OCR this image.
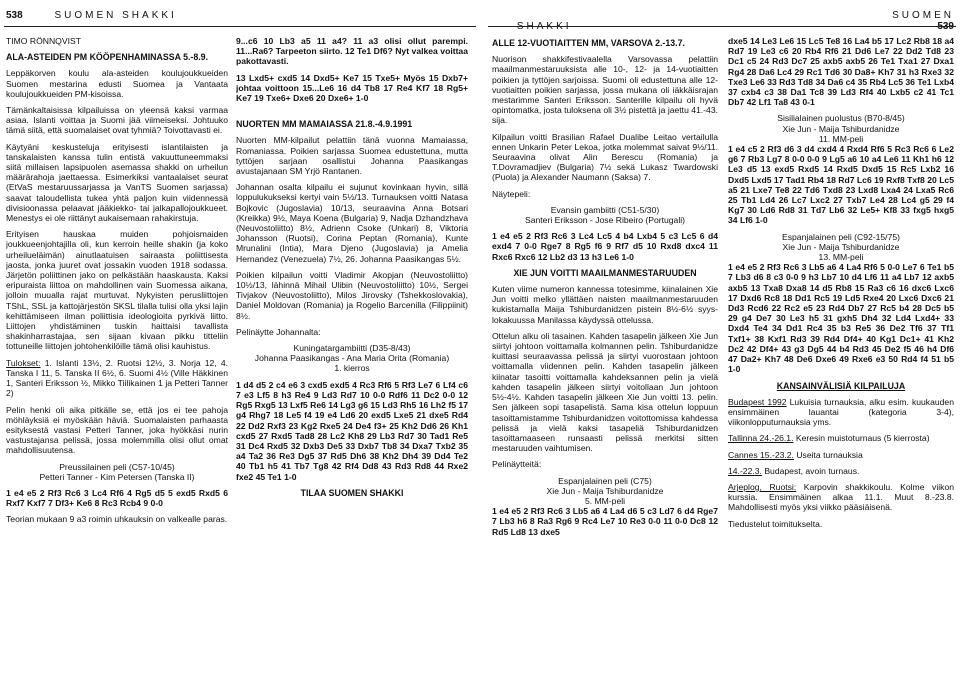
538	SUOMEN SHAKKI	SUOMEN

TIMO RÖNNQVIST

ALA-ASTEIDEN PM KÖÖPENHAMINASSA 5.-8.9.

Leppäkorven koulu ala-asteiden koulujoukkueiden Suomen mestarina edusti Suomea ja Vantaata koulujoukkueiden PM-kisoissa.

Tämänkaltaisissa kilpailuissa on yleensä kaksi varmaa asiaa. Islanti voittaa ja Suomi jää viimeiseksi. Johtuuko tämä siitä, että suomalaiset ovat tyhmiä? Toivottavasti ei.

Käytyäni keskusteluja erityisesti islantilaisten ja tanskalaisten kanssa tulin entistä vakuuttuneemmaksi siitä millaisen lapsipuolen asemassa shakki on urheilun määrärahoja jaettaessa. Esimerkiksi vantaalaiset seurat (EtVaS mestaruussarjassa ja VanTS Suomen sarjassa) saavat taloudellista tukea yhtä paljon kuin viidennessä divisioonassa pelaavat jääkiekko- tai jalkapallojoukkueet. Menestys ei ole riittänyt aukaisemaan rahakirstuja.

Erityisen hauskaa muiden pohjoismaiden joukkueenjohtajilla oli, kun kerroin heille shakin (ja koko urheilueläimän) ainutlaatuisen sairaasta poliittisesta jaosta, jonka juuret ovat jossakin vuoden 1918 sodassa. Järjetön poliittinen jako on pelkästään haaskausta. Kaksi eripuraista liittoa on mahdollinen vain Suomessa aikana, jolloin muualla rajat murtuvat. Nykyisten perusliittojen TShL, SSL ja kattojärjestön SKSL tilalla tulisi olla yksi lajin kehittämiseen ilman poliittisia ideologioita pyrkivä liitto. Liittojen yhdistäminen tuskin haittaisi tavallista shakinharrastajaa, sen sijaan kivaan pikku titteliin tottuneille liittojen johtohenkilöille tämä olisi kauhistus.

Tulokset: 1. Islanti 13½, 2. Ruotsi 12½, 3. Norja 12, 4. Tanska I 11, 5. Tanska II 6½, 6. Suomi 4½ (Ville Häkkinen 1, Santeri Eriksson ½, Mikko Tiilikainen 1 ja Petteri Tanner 2)

Pelin henki oli aika pitkälle se, että jos ei tee pahoja möhläyksiä ei myöskään häviä. Suomalaisten parhaasta esityksestä vastasi Petteri Tanner, joka hyökkäsi nurin vastustajansa pelissä, jossa molemmilla olisi ollut omat mahdollisuutensa.

Preussilainen peli (C57-10/45)

Petteri Tanner - Kim Petersen (Tanska II)

1 e4 e5 2 Rf3 Rc6 3 Lc4 Rf6 4 Rg5 d5 5 exd5 Rxd5 6 Rxf7 Kxf7 7 Df3+ Ke6 8 Rc3 Rcb4 9 0-0

Teorian mukaan 9 a3 roimin uhkauksin on valkealle paras.

9...c6 10 Lb3 a5 11 a4? 11 a3 olisi ollut parempi. 11...Ra6? Tarpeeton siirto. 12 Te1 Df6? Nyt valkea voittaa pakottavasti.

13 Lxd5+ cxd5 14 Dxd5+ Ke7 15 Txe5+ Myös 15 Dxb7+ johtaa voittoon 15...Le6 16 d4 Tb8 17 Re4 Kf7 18 Rg5+ Ke7 19 Txe6+ Dxe6 20 Dxe6+ 1-0

NUORTEN MM MAMAIASSA 21.8.-4.9.1991

Nuorten MM-kilpailut pelattiin tänä vuonna Mamaiassa, Romaniassa. Poikien sarjassa Suomea edustettuna, mutta tyttöjen sarjaan osallistui Johanna Paasikangas avustajanaan SM Yrjö Rantanen.

Johannan osalta kilpailu ei sujunut kovinkaan hyvin, sillä loppulukukseksi kertyi vain 5½/13. Turnauksen voitti Natasa Bojkovic (Jugoslavia) 10/13, seuraavina Anna Botsari (Kreikka) 9½, Maya Koena (Bulgaria) 9, Nadja Dzhandzhava (Neuvostoliitto) 8½, Adrienn Csoke (Unkari) 8, Viktoria Johansson (Ruotsi), Corina Peptan (Romania), Kunte Mrunalini (Intia), Mara Djeno (Jugoslavia) ja Amelia Hernandez (Venezuela) 7½, 26. Johanna Paasikangas 5½.

Poikien kilpailun voitti Vladimir Akopjan (Neuvostoliitto) 10½/13, lähinnä Mihail Ulibin (Neuvostoliitto) 10½, Sergei Tivjakov (Neuvostoliitto), Milos Jirovsky (Tshekkoslovakia), Daniel Moldovan (Romania) ja Rogelio Barcenilla (Filippiinit) 8½.

Pelinäytte Johannalta:

Kuningatargambiitti (D35-8/43)

Johanna Paasikangas - Ana Maria Orita (Romania)

1. kierros

1 d4 d5 2 c4 e6 3 cxd5 exd5 4 Rc3 Rf6 5 Rf3 Le7 6 Lf4 c6 7 e3 Lf5 8 h3 Re4 9 Ld3 Rd7 10 0-0 Rdf6 11 Dc2 0-0 12 Rg5 Rxg5 13 Lxf5 Re6 14 Lg3 g6 15 Ld3 Rh5 16 Lh2 f5 17 g4 Rhg7 18 Le5 f4 19 e4 Ld6 20 exd5 Lxe5 21 dxe5 Rd4 22 Dd2 Rxf3 23 Kg2 Rxe5 24 De4 f3+ 25 Kh2 Dd6 26 Kh1 cxd5 27 Rxd5 Tad8 28 Lc2 Kh8 29 Lb3 Rd7 30 Tad1 Re5 31 Dc4 Rxd5 32 Dxb3 De5 33 Dxb7 Tb8 34 Dxa7 Txb2 35 a4 Ta2 36 Re3 Dg5 37 Rd5 Dh6 38 Kh2 Dh4 39 Dd4 Te2 40 Tb1 h5 41 Tb7 Tg8 42 Rf4 Dd8 43 Rd3 Rd8 44 Rxe2 fxe2 45 Te1 1-0

TILAA SUOMEN SHAKKI
ALLE 12-VUOTIAITTEN MM, VARSOVA 2.-13.7.

Nuorison shakkifestivaalella Varsovassa pelattiin maailmanmestaruuksista alle 10-, 12- ja 14-vuotiaitten poikien ja tyttöjen sarjoissa. Suomi oli edustettuna alle 12-vuotiaitten poikien sarjassa, jossa mukana oli iäkkäisrajan mestarimme Santeri Eriksson. Santerille kilpailu oli hyvä opintomatka, josta tuloksena oli 3½ pistettä ja jaettu 41.-43. sija.

Kilpailun voitti Brasilian Rafael Dualibe Leitao vertailulla ennen Unkarin Peter Lekoa, jotka molemmat saivat 9½/11. Seuraavina olivat Alin Berescu (Romania) ja T.Dovramadjiev (Bulgaria) 7½ sekä Lukasz Twardowski (Puola) ja Alexander Naumann (Saksa) 7.

Näytepeli:

Evansin gambiitti (C51-5/30)

Santeri Eriksson - Jose Ribeiro (Portugali)

1 e4 e5 2 Rf3 Rc6 3 Lc4 Lc5 4 b4 Lxb4 5 c3 Lc5 6 d4 exd4 7 0-0 Rge7 8 Rg5 f6 9 Rf7 d5 10 Rxd8 dxc4 11 Rxc6 Rxc6 12 Lb2 d3 13 h3 Le6 1-0

XIE JUN VOITTI MAAILMANMESTARUUDEN

Kuten viime numeron kannessa totesimme, kiinalainen Xie Jun voitti melko yllättäen naisten maailmanmestaruuden kukistamalla Maija Tshiburdanidzen pistein 8½-6½ syys-lokakuussa Manilassa käydyssä ottelussa.

Ottelun alku oli tasainen. Kahden tasapelin jälkeen Xie Jun siirtyi johtoon voittamalla kolmannen pelin. Tshiburdanidze kuittasi seuraavassa pelissä ja siirtyi vuorostaan johtoon voittamalla viidennen pelin. Kahden tasapelin jälkeen kiinatar tasoitti voittamalla kahdeksannen pelin ja vielä kahden tasapelin jälkeen siirtyi voitollaan Jun johtoon 5½-4½. Kahden tasapelin jälkeen Xie Jun voitti 13. pelin. Sen jälkeen sopi tasapelistä. Sama kisa ottelun loppuun tasoittamistamme Tshiburdanidzen voitottomissa kahdessa pelissä ja vielä kaksi tasapeliä Tshiburdanidzen tasoittamaaseen runsaasti pelissä merkitsi sitten mestaruuden vaihtumisen.

Pelinäytteitä:

Espanjalainen peli (C75)

Xie Jun - Maija Tshiburdanidze

5. MM-peli

1 e4 e5 2 Rf3 Rc6 3 Lb5 a6 4 La4 d6 5 c3 Ld7 6 d4 Rge7 7 Lb3 h6 8 Ra3 Rg6 9 Rc4 Le7 10 Re3 0-0 11 0-0 Dc8 12 Rd5 Ld8 13 dxe5

dxe5 14 Le3 Le6 15 Lc5 Te8 16 La4 b5 17 Lc2 Rb8 18 a4 Rd7 19 Le3 c6 20 Rb4 Rf6 21 Dd6 Le7 22 Dd2 Td8 23 Dc1 c5 24 Rd3 Dc7 25 axb5 axb5 26 Te1 Txa1 27 Dxa1 Rg4 28 Da6 Lc4 29 Rc1 Td6 30 Da8+ Kh7 31 h3 Rxe3 32 Txe3 Le6 33 Rd3 Td8 34 Da6 c4 35 Rb4 Lc5 36 Te1 Lxb4 37 cxb4 c3 38 Da1 Tc8 39 Ld3 Rf4 40 Lxb5 c2 41 Tc1 Db7 42 Lf1 Ta8 43 0-1

Sisilialainen puolustus (B70-8/45)

Xie Jun - Maija Tshiburdanidze

11. MM-peli

1 e4 c5 2 Rf3 d6 3 d4 cxd4 4 Rxd4 Rf6 5 Rc3 Rc6 6 Le2 g6 7 Rb3 Lg7 8 0-0 0-0 9 Lg5 a6 10 a4 Le6 11 Kh1 h6 12 Le3 d5 13 exd5 Rxd5 14 Rxd5 Dxd5 15 Rc5 Lxb2 16 Dxd5 Lxd5 17 Tad1 Rb4 18 Rd7 Lc6 19 Rxf8 Txf8 20 Lc5 a5 21 Lxe7 Te8 22 Td6 Txd8 23 Lxd8 Lxa4 24 Lxa5 Rc6 25 Tb1 Ld4 26 Lc7 Lxc2 27 Txb7 Le4 28 Lc4 g5 29 f4 Kg7 30 Ld6 Rd8 31 Td7 Lb6 32 Le5+ Kf8 33 fxg5 hxg5 34 Lf6 1-0

Espanjalainen peli (C92-15/75)

Xie Jun - Maija Tshiburdanidze

13. MM-peli

1 e4 e5 2 Rf3 Rc6 3 Lb5 a6 4 La4 Rf6 5 0-0 Le7 6 Te1 b5 7 Lb3 d6 8 c3 0-0 9 h3 Lb7 10 d4 Lf6 11 a4 Lb7 12 axb5 axb5 13 Txa8 Dxa8 14 d5 Rb8 15 Ra3 c6 16 dxc6 Lxc6 17 Dxd6 Rc8 18 Dd1 Rc5 19 Ld5 Rxe4 20 Lxc6 Dxc6 21 Dd3 Rcd6 22 Rc2 e5 23 Rd4 Db7 27 Rc5 b4 28 Dc5 b5 29 g4 De7 30 Le3 h5 31 gxh5 Dh4 32 Ld4 Lxd4+ 33 Dxd4 Te4 34 Dd1 Rc4 35 b3 Re5 36 De2 Tf6 37 Tf1 Txf1+ 38 Kxf1 Rd3 39 Rd4 Df4+ 40 Kg1 Dc1+ 41 Kh2 Dc2 42 Df4+ 43 g3 Dg5 44 b4 Rd3 45 De2 f5 46 h4 Df6 47 Da2+ Kh7 48 De6 Dxe6 49 Rxe6 e3 50 Rd4 f4 51 b5 1-0

KANSAINVÄLISIÄ KILPAILUJA

Budapest 1992 Lukuisia turnauksia, alku esim. kuukauden ensimmäinen lauantai (kategoria 3-4), viikonlopputurnauksia yms.

Tallinna 24.-26.1. Keresin muistoturnaus (5 kierrosta)

Cannes 15.-23.2. Useita turnauksia

14.-22.3. Budapest, avoin turnaus.

Arjeplog, Ruotsi: Karpovin shakkikoulu. Kolme viikon kurssia. Ensimmäinen alkaa 11.1. Muut 8.-23.8. Mahdollisesti myös yksi viikko pääsiäisenä.

Tiedustelut toimitukselta.
